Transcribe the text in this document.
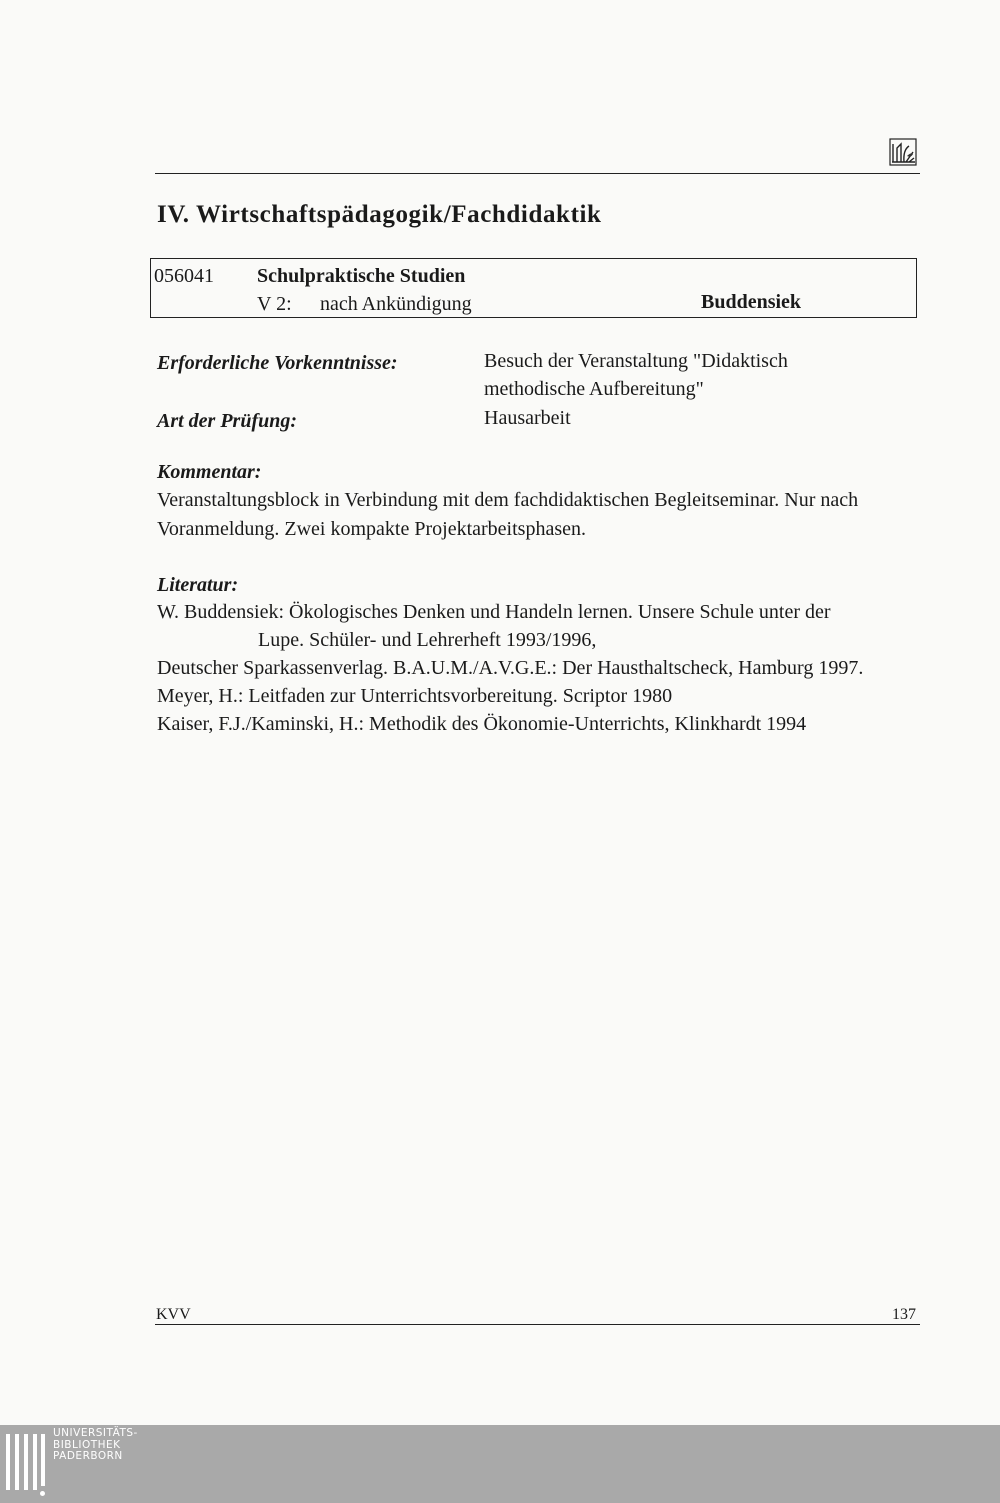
IV. Wirtschaftspädagogik/Fachdidaktik
056041 Schulpraktische Studien
V 2: nach Ankündigung	Buddensiek
Erforderliche Vorkenntnisse:	Besuch der Veranstaltung "Didaktisch
methodische Aufbereitung"
Art der Prüfung:	Hausarbeit
Kommentar:
Veranstaltungsblock in Verbindung mit dem fachdidaktischen Begleitseminar. Nur nach
Voranmeldung. Zwei kompakte Projektarbeitsphasen.
Literatur:
W. Buddensiek: Ökologisches Denken und Handeln lernen. Unsere Schule unter der
Lupe. Schüler- und Lehrerheft 1993/1996,
Deutscher Sparkassenverlag. B.A.U.M./A.V.G.E.: Der Hausthaltscheck, Hamburg 1997.
Meyer, H.: Leitfaden zur Unterrichtsvorbereitung. Scriptor 1980
Kaiser, F.J./Kaminski, H.: Methodik des Ökonomie-Unterrichts, Klinkhardt 1994
KVV	137
UNIVERSITÄTS-
BIBLIOTHEK
PADERBORN
